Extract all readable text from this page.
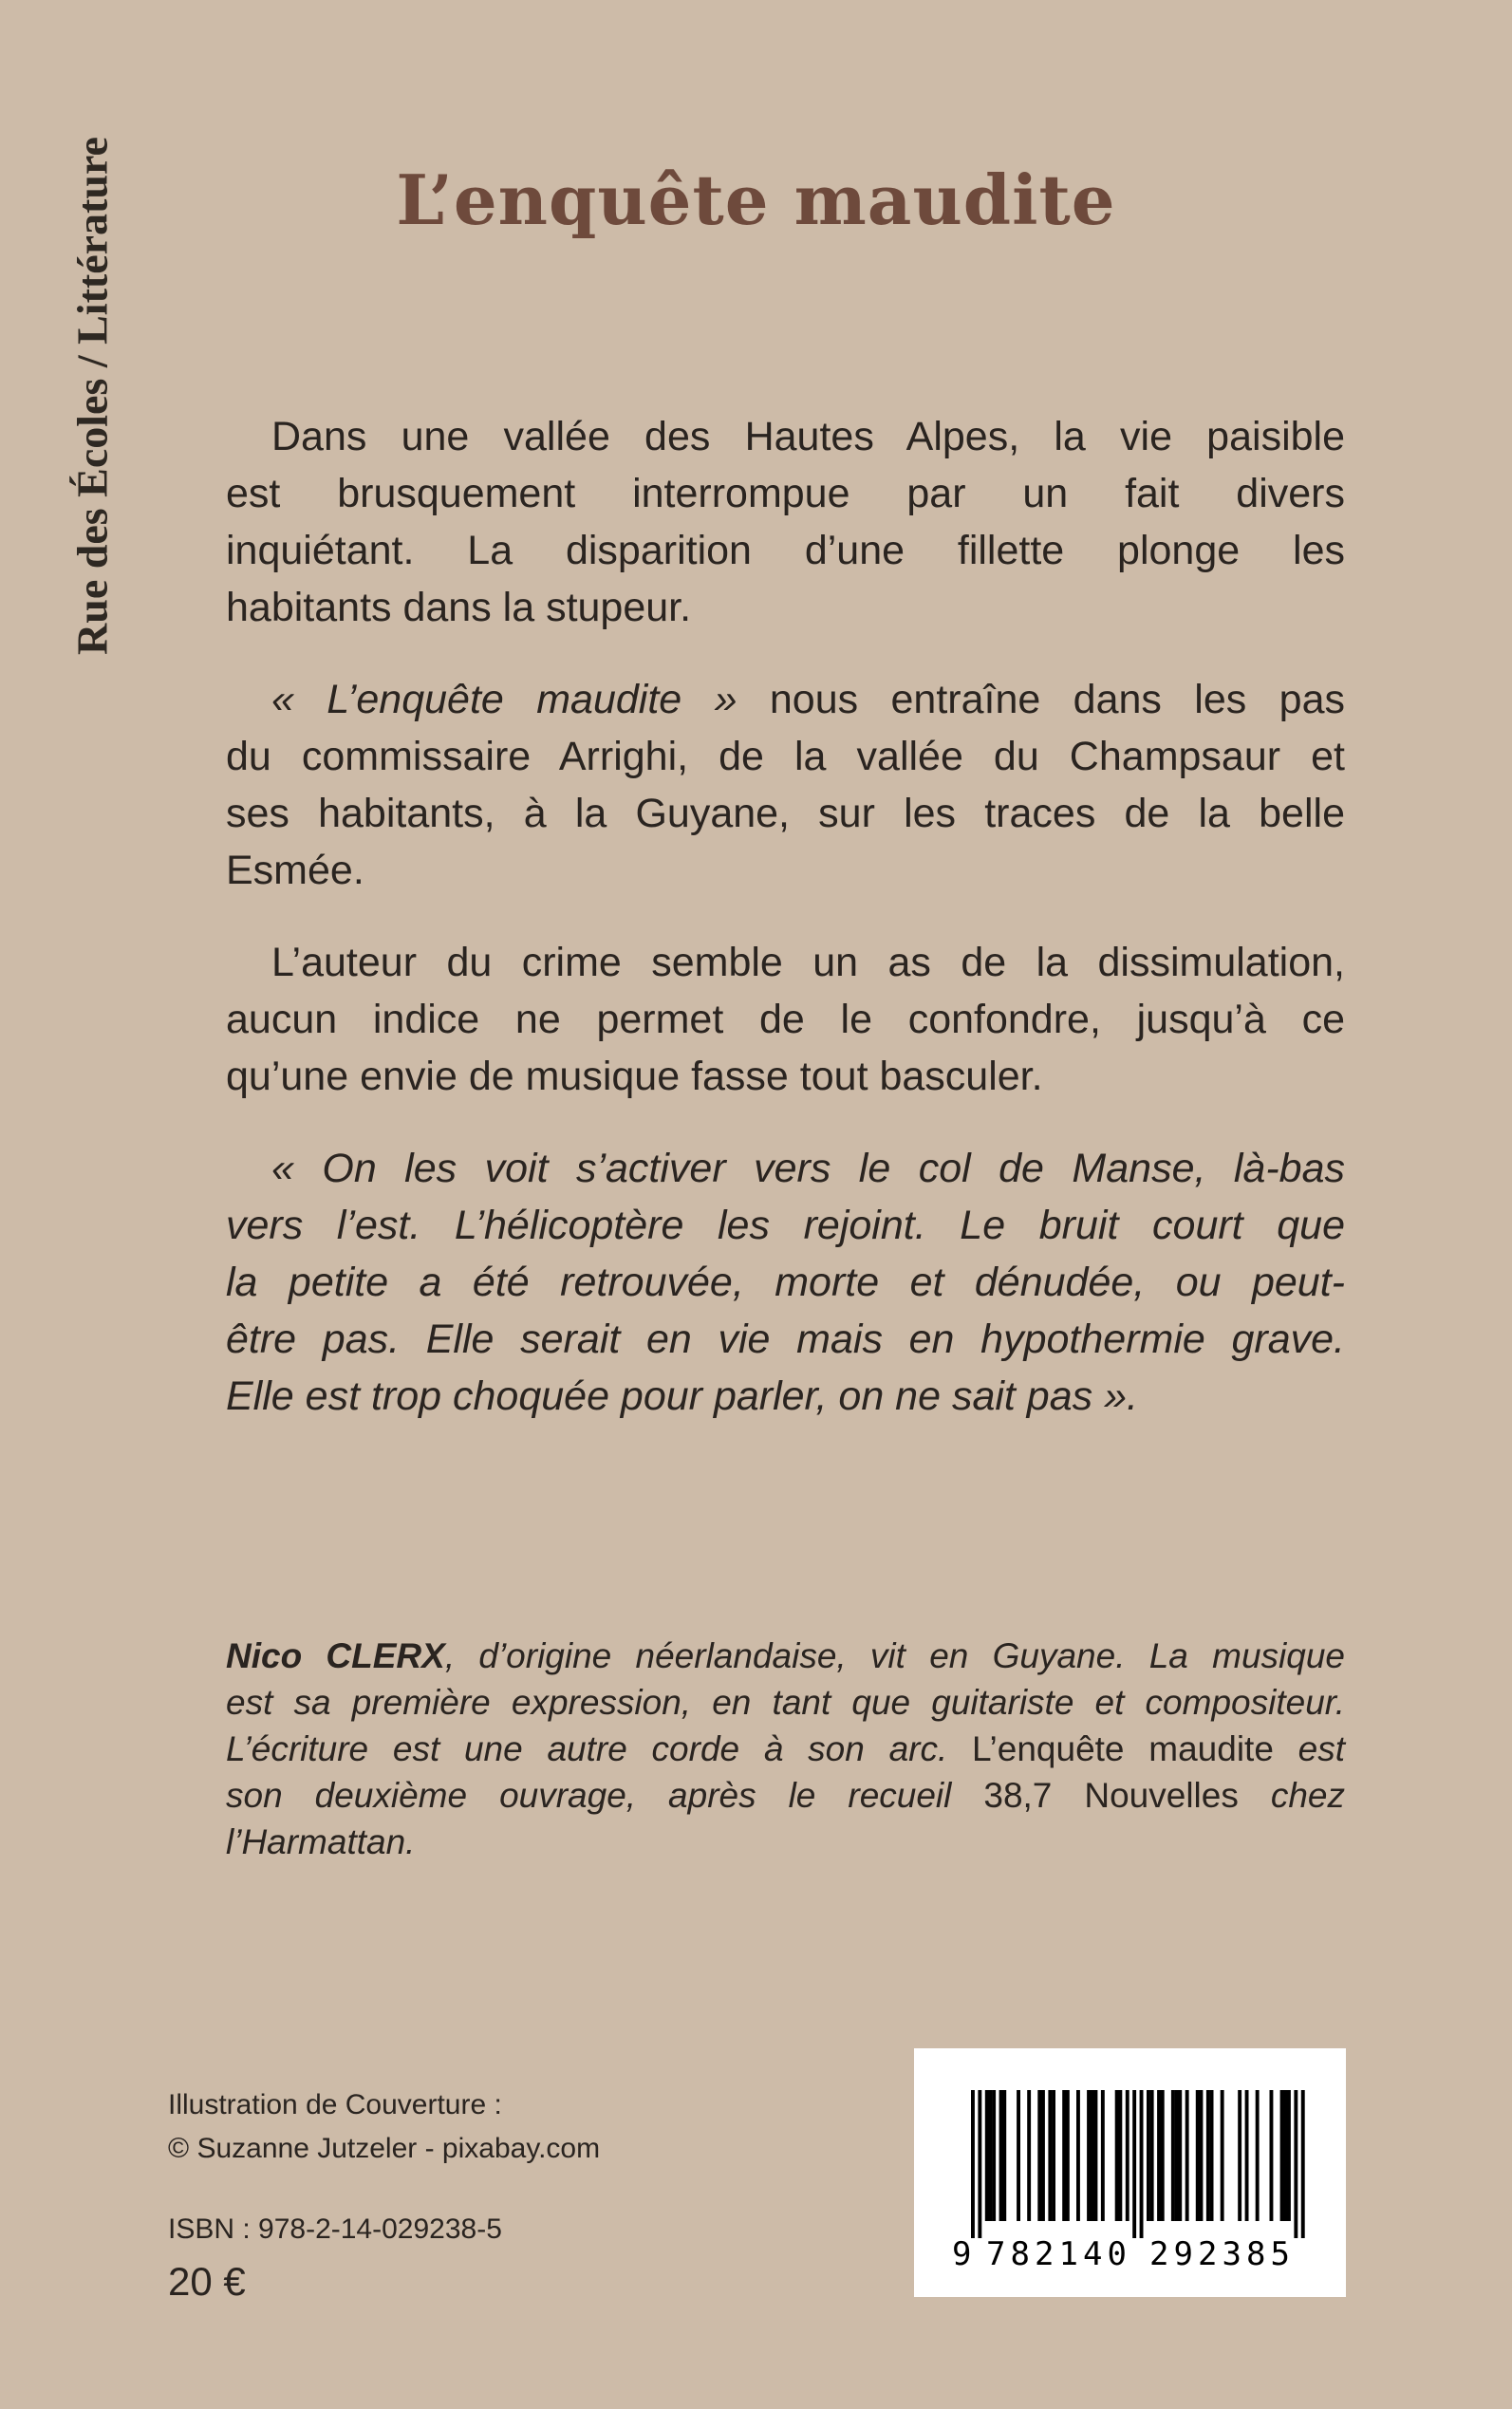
Rue des Écoles / Littérature	L’enquête maudite
Dans une vallée des Hautes Alpes, la vie paisible
est brusquement interrompue par un fait divers
inquiétant. La disparition d’une fillette plonge les
habitants dans la stupeur.
« L’enquête maudite » nous entraîne dans les pas
du commissaire Arrighi, de la vallée du Champsaur et
ses habitants, à la Guyane, sur les traces de la belle
Esmée.
L’auteur du crime semble un as de la dissimulation,
aucun indice ne permet de le confondre, jusqu’à ce
qu’une envie de musique fasse tout basculer.
« On les voit s’activer vers le col de Manse, là-bas
vers l’est. L’hélicoptère les rejoint. Le bruit court que
la petite a été retrouvée, morte et dénudée, ou peut-
être pas. Elle serait en vie mais en hypothermie grave.
Elle est trop choquée pour parler, on ne sait pas ».
Nico CLERX, d’origine néerlandaise, vit en Guyane. La musique
est sa première expression, en tant que guitariste et compositeur.
L’écriture est une autre corde à son arc. L’enquête maudite est
son deuxième ouvrage, après le recueil 38,7 Nouvelles chez
l’Harmattan.
Illustration de Couverture :
© Suzanne Jutzeler - pixabay.com
ISBN : 978-2-14-029238-5
20 €
9 782140 292385
